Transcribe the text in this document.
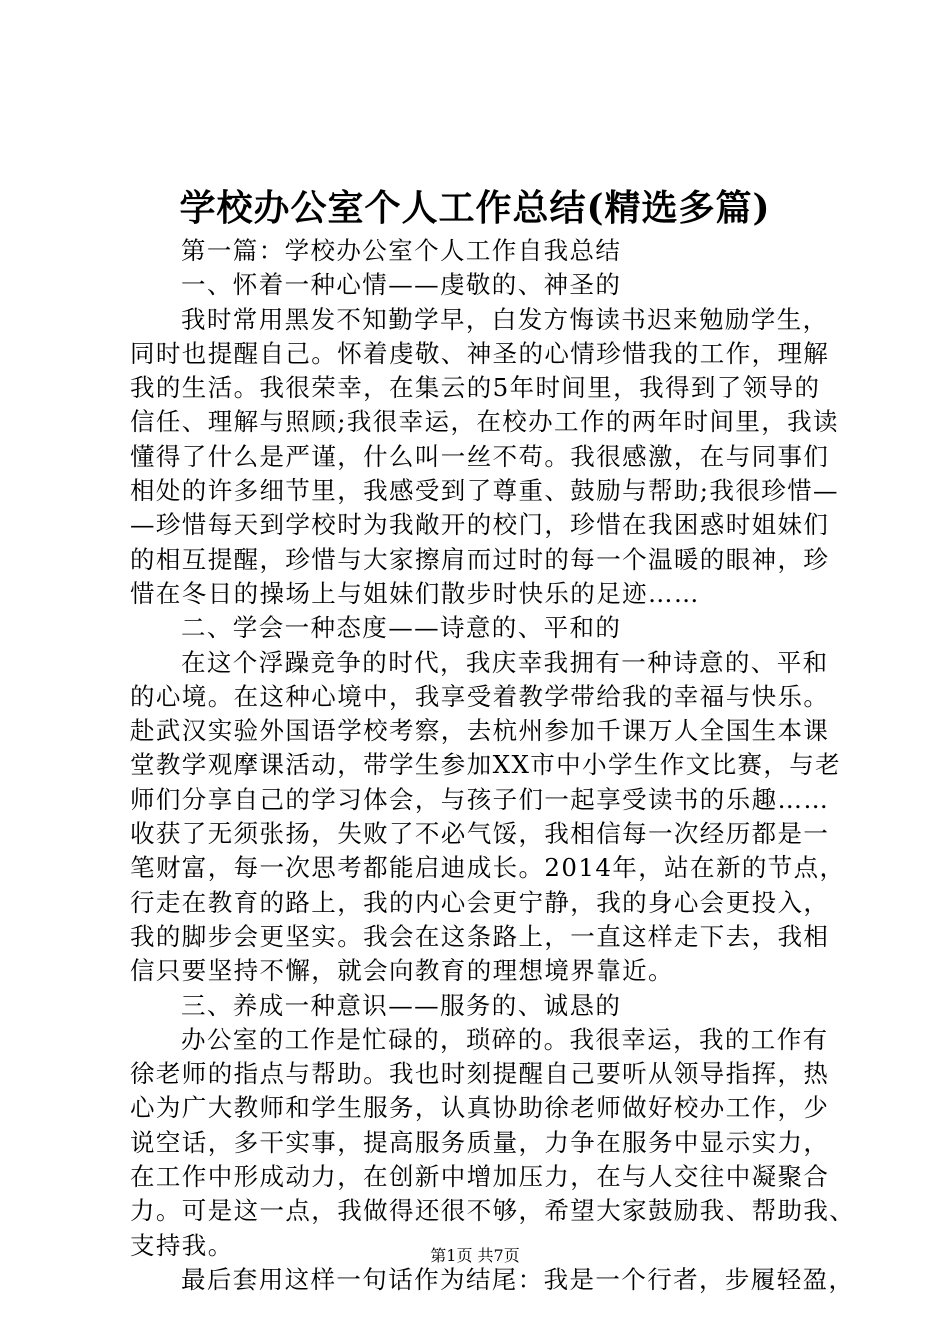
学校办公室个人工作总结(精选多篇)
第一篇：学校办公室个人工作自我总结
一、怀着一种心情——虔敬的、神圣的
我时常用黑发不知勤学早，白发方悔读书迟来勉励学生，
同时也提醒自己。怀着虔敬、神圣的心情珍惜我的工作，理解
我的生活。我很荣幸，在集云的5年时间里，我得到了领导的
信任、理解与照顾;我很幸运，在校办工作的两年时间里，我读
懂得了什么是严谨，什么叫一丝不苟。我很感激，在与同事们
相处的许多细节里，我感受到了尊重、鼓励与帮助;我很珍惜—
—珍惜每天到学校时为我敞开的校门，珍惜在我困惑时姐妹们
的相互提醒，珍惜与大家擦肩而过时的每一个温暖的眼神，珍
惜在冬日的操场上与姐妹们散步时快乐的足迹……
二、学会一种态度——诗意的、平和的
在这个浮躁竞争的时代，我庆幸我拥有一种诗意的、平和
的心境。在这种心境中，我享受着教学带给我的幸福与快乐。
赴武汉实验外国语学校考察，去杭州参加千课万人全国生本课
堂教学观摩课活动，带学生参加XX市中小学生作文比赛，与老
师们分享自己的学习体会，与孩子们一起享受读书的乐趣……
收获了无须张扬，失败了不必气馁，我相信每一次经历都是一
笔财富，每一次思考都能启迪成长。2014年，站在新的节点，
行走在教育的路上，我的内心会更宁静，我的身心会更投入，
我的脚步会更坚实。我会在这条路上，一直这样走下去，我相
信只要坚持不懈，就会向教育的理想境界靠近。
三、养成一种意识——服务的、诚恳的
办公室的工作是忙碌的，琐碎的。我很幸运，我的工作有
徐老师的指点与帮助。我也时刻提醒自己要听从领导指挥，热
心为广大教师和学生服务，认真协助徐老师做好校办工作，少
说空话，多干实事，提高服务质量，力争在服务中显示实力，
在工作中形成动力，在创新中增加压力，在与人交往中凝聚合
力。可是这一点，我做得还很不够，希望大家鼓励我、帮助我、
支持我。
最后套用这样一句话作为结尾：我是一个行者，步履轻盈，
第1页 共7页
